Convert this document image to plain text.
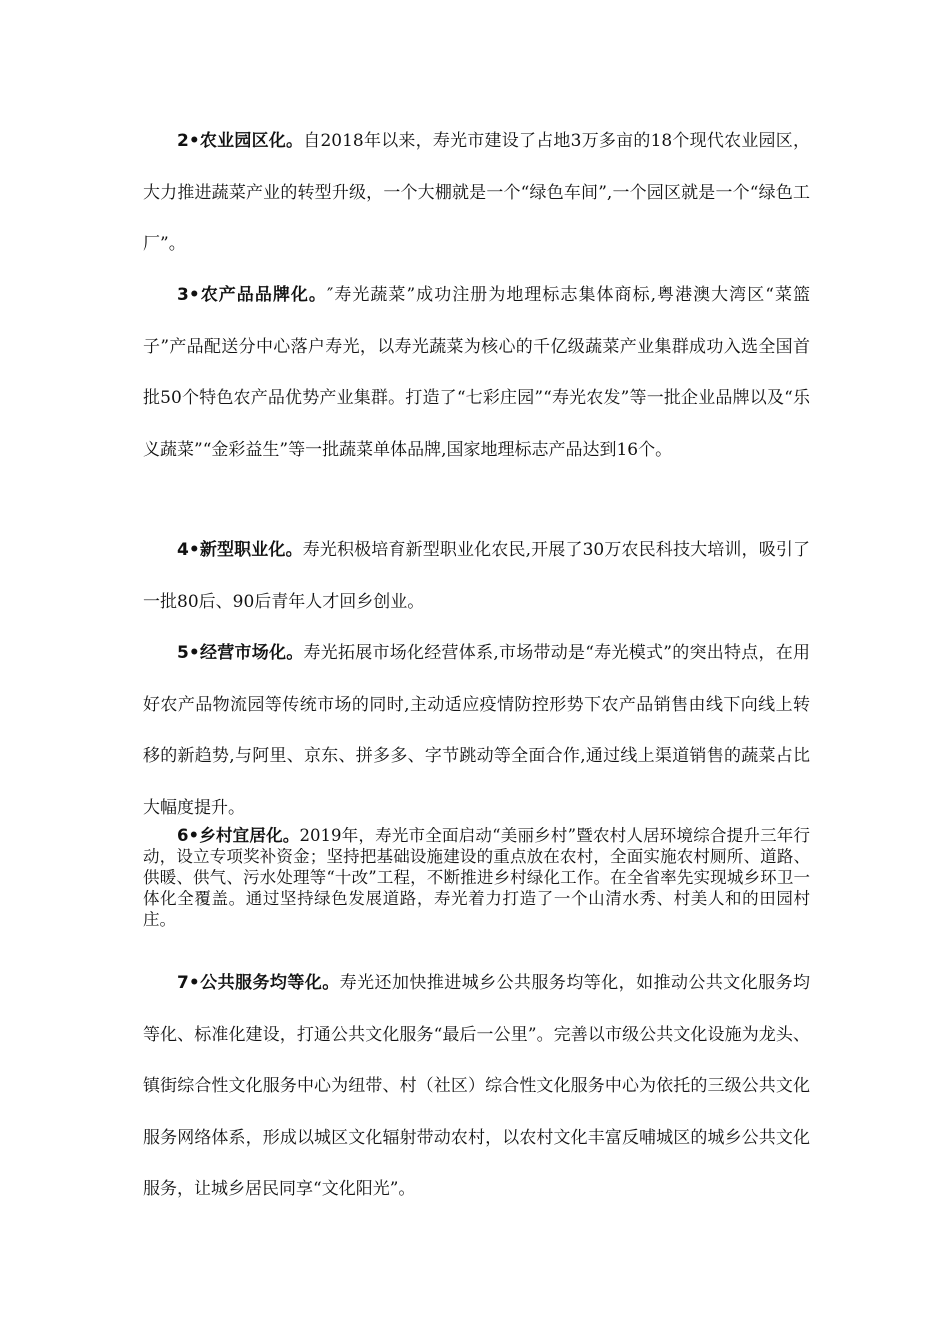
2•农业园区化。自2018年以来，寿光市建设了占地3万多亩的18个现代农业园区，大力推进蔬菜产业的转型升级，一个大棚就是一个“绿色车间”,一个园区就是一个“绿色工厂”。

3•农产品品牌化。″寿光蔬菜”成功注册为地理标志集体商标,粤港澳大湾区“菜篮子”产品配送分中心落户寿光，以寿光蔬菜为核心的千亿级蔬菜产业集群成功入选全国首批50个特色农产品优势产业集群。打造了“七彩庄园”“寿光农发”等一批企业品牌以及“乐义蔬菜”“金彩益生”等一批蔬菜单体品牌,国家地理标志产品达到16个。

4•新型职业化。寿光积极培育新型职业化农民,开展了30万农民科技大培训，吸引了一批80后、90后青年人才回乡创业。

5•经营市场化。寿光拓展市场化经营体系,市场带动是“寿光模式”的突出特点，在用好农产品物流园等传统市场的同时,主动适应疫情防控形势下农产品销售由线下向线上转移的新趋势,与阿里、京东、拼多多、字节跳动等全面合作,通过线上渠道销售的蔬菜占比大幅度提升。

6•乡村宜居化。2019年，寿光市全面启动“美丽乡村”暨农村人居环境综合提升三年行动，设立专项奖补资金；坚持把基础设施建设的重点放在农村，全面实施农村厕所、道路、供暖、供气、污水处理等“十改”工程，不断推进乡村绿化工作。在全省率先实现城乡环卫一体化全覆盖。通过坚持绿色发展道路，寿光着力打造了一个山清水秀、村美人和的田园村庄。

7•公共服务均等化。寿光还加快推进城乡公共服务均等化，如推动公共文化服务均等化、标准化建设，打通公共文化服务“最后一公里”。完善以市级公共文化设施为龙头、镇街综合性文化服务中心为纽带、村（社区）综合性文化服务中心为依托的三级公共文化服务网络体系，形成以城区文化辐射带动农村，以农村文化丰富反哺城区的城乡公共文化服务，让城乡居民同享“文化阳光”。
